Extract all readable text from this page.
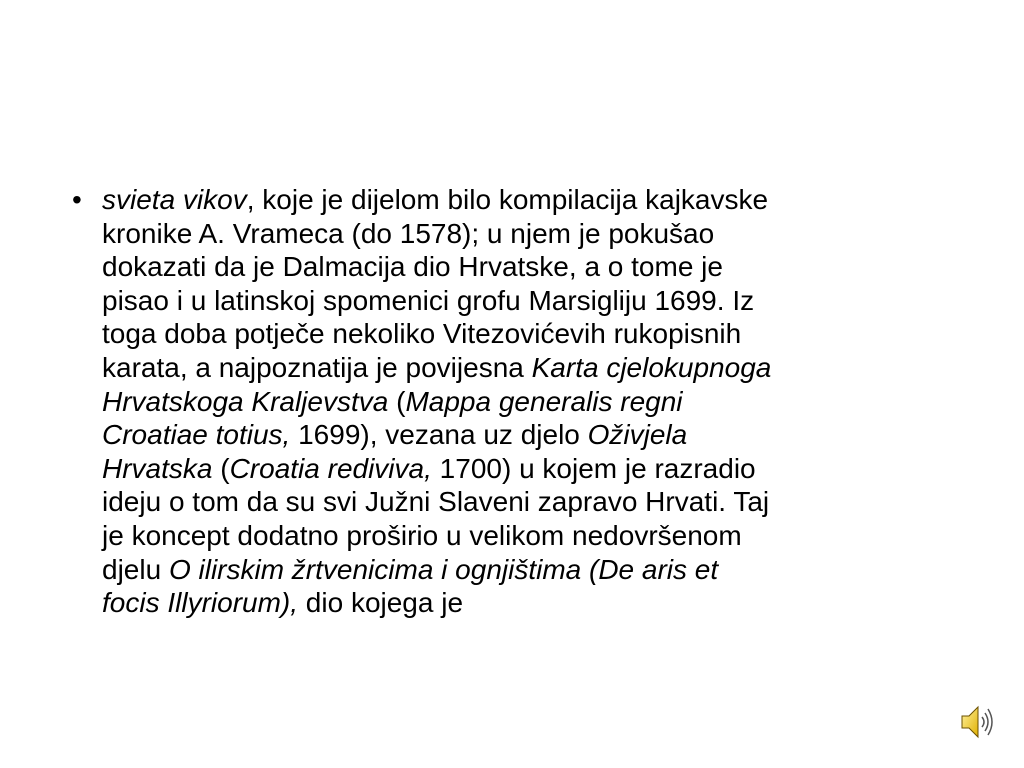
• svieta vikov, koje je dijelom bilo kompilacija kajkavske
kronike A. Vrameca (do 1578); u njem je pokušao
dokazati da je Dalmacija dio Hrvatske, a o tome je
pisao i u latinskoj spomenici grofu Marsigliju 1699. Iz
toga doba potječe nekoliko Vitezovićevih rukopisnih
karata, a najpoznatija je povijesna Karta cjelokupnoga
Hrvatskoga Kraljevstva (Mappa generalis regni
Croatiae totius, 1699), vezana uz djelo Oživjela
Hrvatska (Croatia rediviva, 1700) u kojem je razradio
ideju o tom da su svi Južni Slaveni zapravo Hrvati. Taj
je koncept dodatno proširio u velikom nedovršenom
djelu O ilirskim žrtvenicima i ognjištima (De aris et
focis Illyriorum), dio kojega je
